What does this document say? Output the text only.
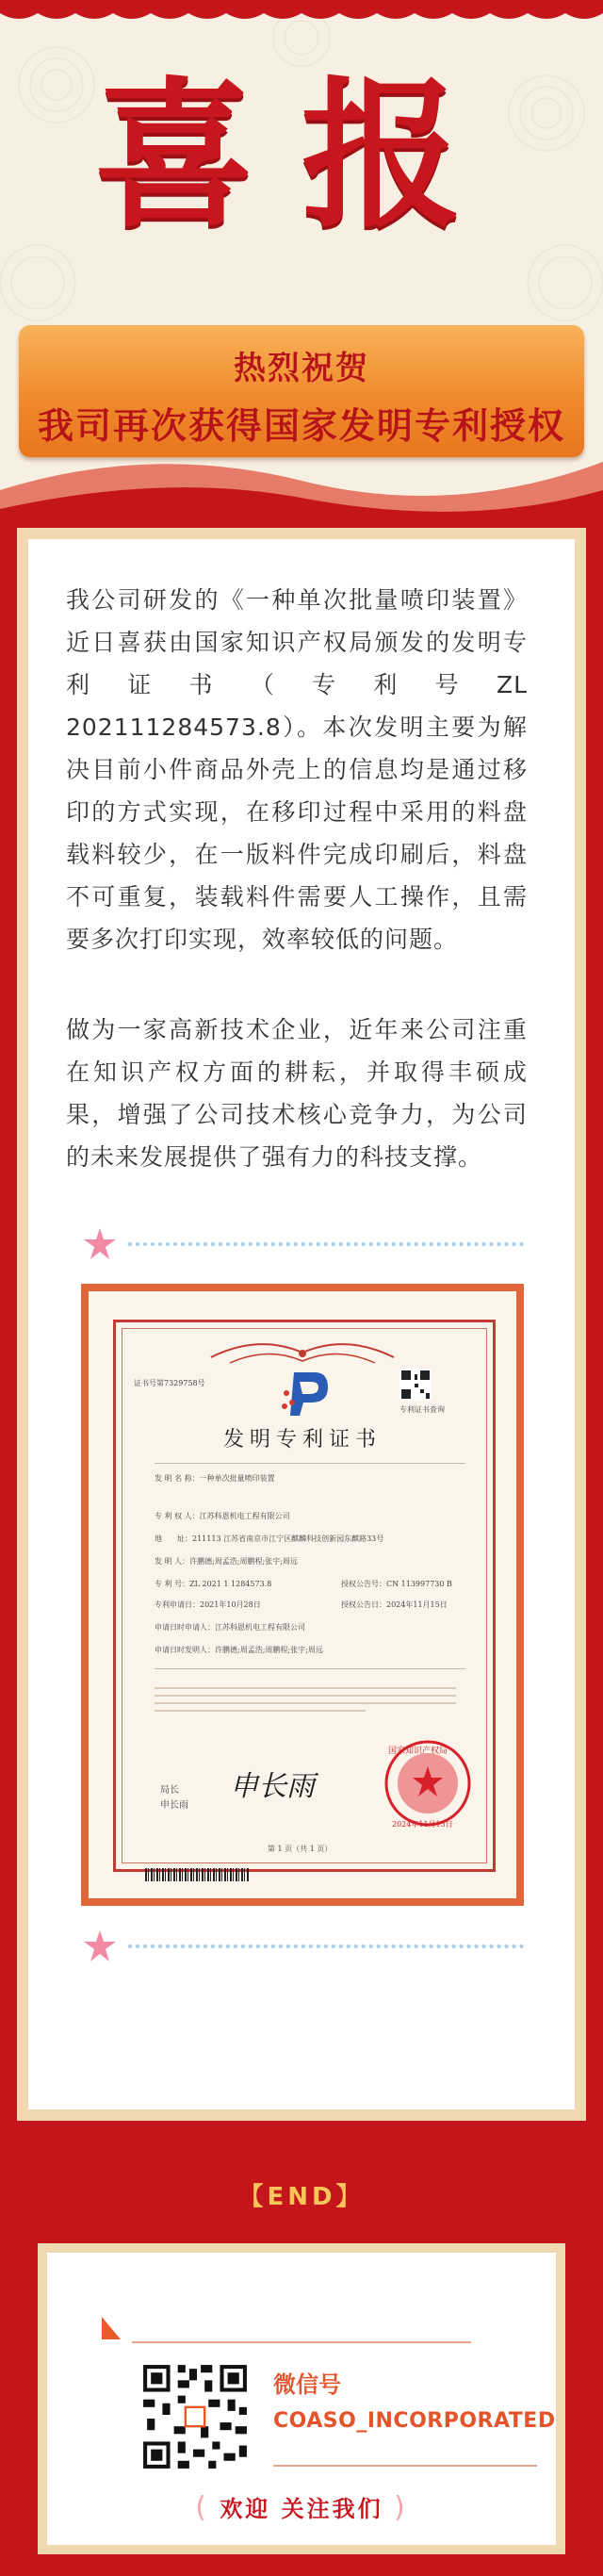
喜报
热烈祝贺
我司再次获得国家发明专利授权
我公司研发的《一种单次批量喷印装置》近日喜获由国家知识产权局颁发的发明专利证书（专利号ZL 202111284573.8）。本次发明主要为解决目前小件商品外壳上的信息均是通过移印的方式实现，在移印过程中采用的料盘载料较少，在一版料件完成印刷后，料盘不可重复，装载料件需要人工操作，且需要多次打印实现，效率较低的问题。
做为一家高新技术企业，近年来公司注重在知识产权方面的耕耘，并取得丰硕成果，增强了公司技术核心竞争力，为公司的未来发展提供了强有力的科技支撑。
证书号第7329758号
专利证书查询
发明专利证书
发 明 名 称：一种单次批量喷印装置
专 利 权 人：江苏科恩机电工程有限公司
地　　址：211113 江苏省南京市江宁区麒麟科技创新园东麒路33号
发 明 人：许鹏德;周孟浩;周鹏程;张宇;周远
专 利 号：ZL 2021 1 1284573.8	授权公告号：CN 113997730 B
专利申请日：2021年10月28日	授权公告日：2024年11月15日
申请日时申请人：江苏科恩机电工程有限公司
申请日时发明人：许鹏德;周孟浩;周鹏程;张宇;周远
局长
申长雨
申长雨
国家知识产权局
2024年11月15日
第 1 页（共 1 页）
【END】
微信号
COASO_INCORPORATED
( 欢迎 关注我们 )
